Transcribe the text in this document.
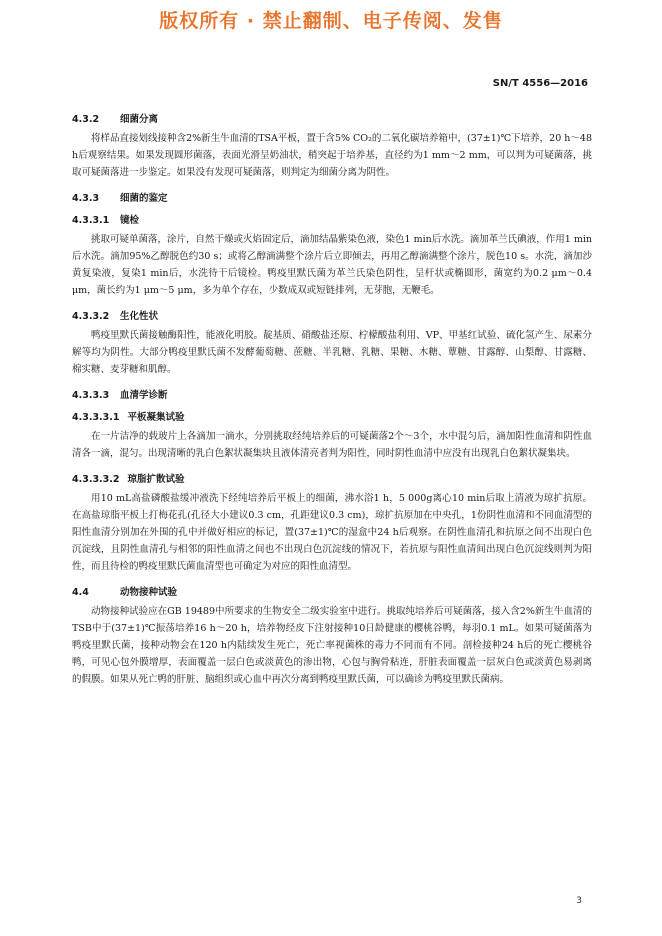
版权所有 · 禁止翻制、电子传阅、发售
SN/T 4556—2016
4.3.2 细菌分离

将样品直接划线接种含2%新生牛血清的TSA平板，置于含5% CO₂的二氧化碳培养箱中，(37±1)℃下培养，20 h～48 h后观察结果。如果发现圆形菌落，表面光滑呈奶油状，稍突起于培养基，直径约为1 mm～2 mm，可以判为可疑菌落，挑取可疑菌落进一步鉴定。如果没有发现可疑菌落，则判定为细菌分离为阴性。

4.3.3 细菌的鉴定
4.3.3.1 镜检

挑取可疑单菌落，涂片，自然干燥或火焰固定后，滴加结晶紫染色液，染色1 min后水洗。滴加革兰氏碘液，作用1 min后水洗。滴加95%乙醇脱色约30 s；或将乙醇滴满整个涂片后立即倾去，再用乙醇滴满整个涂片，脱色10 s。水洗，滴加沙黄复染液，复染1 min后，水洗待干后镜检。鸭疫里默氏菌为革兰氏染色阴性，呈杆状或椭圆形，菌宽约为0.2 μm～0.4 μm，菌长约为1 μm～5 μm，多为单个存在，少数成双或短链排列，无芽胞，无鞭毛。

4.3.3.2 生化性状

鸭疫里默氏菌接触酶阳性，能液化明胶。靛基质、硝酸盐还原、柠檬酸盐利用、VP、甲基红试验、硫化氢产生、尿素分解等均为阴性。大部分鸭疫里默氏菌不发酵葡萄糖、蔗糖、半乳糖、乳糖、果糖、木糖、蕈糖、甘露醇、山梨醇、甘露糖、棉实糖、麦芽糖和肌醇。

4.3.3.3 血清学诊断
4.3.3.3.1 平板凝集试验

在一片洁净的载玻片上各滴加一滴水，分别挑取经纯培养后的可疑菌落2个～3个，水中混匀后，滴加阳性血清和阴性血清各一滴，混匀。出现清晰的乳白色絮状凝集块且液体清亮者判为阳性，同时阴性血清中应没有出现乳白色絮状凝集块。

4.3.3.3.2 琼脂扩散试验

用10 mL高盐磷酸盐缓冲液洗下经纯培养后平板上的细菌，沸水浴1 h，5 000g离心10 min后取上清液为琼扩抗原。在高盐琼脂平板上打梅花孔(孔径大小建议0.3 cm，孔距建议0.3 cm)，琼扩抗原加在中央孔，1份阴性血清和不同血清型的阳性血清分别加在外围的孔中并做好相应的标记，置(37±1)℃的湿盒中24 h后观察。在阴性血清孔和抗原之间不出现白色沉淀线，且阴性血清孔与相邻的阳性血清之间也不出现白色沉淀线的情况下，若抗原与阳性血清间出现白色沉淀线则判为阳性，而且待检的鸭疫里默氏菌血清型也可确定为对应的阳性血清型。

4.4	动物接种试验

动物接种试验应在GB 19489中所要求的生物安全二级实验室中进行。挑取纯培养后可疑菌落，接入含2%新生牛血清的TSB中于(37±1)℃振荡培养16 h～20 h，培养物经皮下注射接种10日龄健康的樱桃谷鸭，每羽0.1 mL。如果可疑菌落为鸭疫里默氏菌，接种动物会在120 h内陆续发生死亡，死亡率视菌株的毒力不同而有不同。剖检接种24 h后的死亡樱桃谷鸭，可见心包外膜增厚，表面覆盖一层白色或淡黄色的渗出物，心包与胸骨粘连，肝脏表面覆盖一层灰白色或淡黄色易剥离的假膜。如果从死亡鸭的肝脏、脑组织或心血中再次分离到鸭疫里默氏菌，可以确诊为鸭疫里默氏菌病。

3
